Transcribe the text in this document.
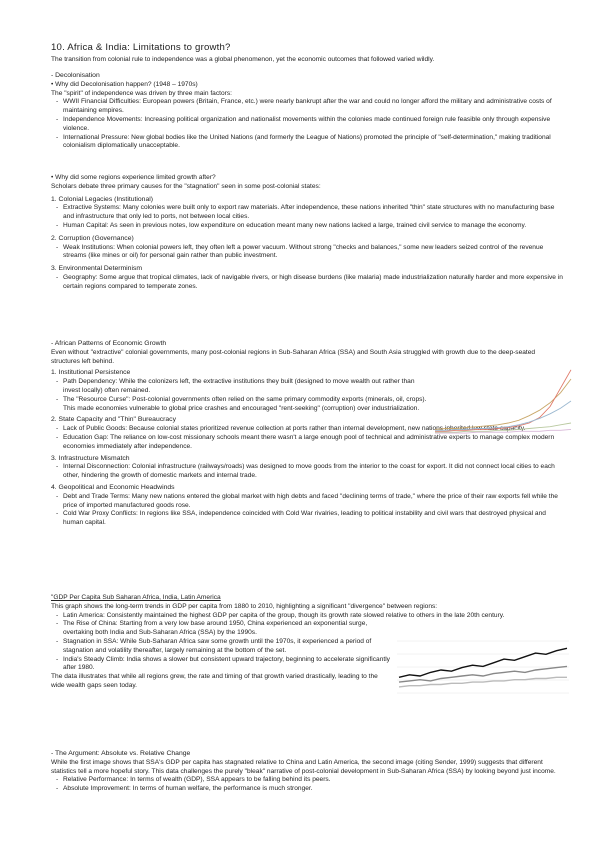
10. Africa & India: Limitations to growth?

The transition from colonial rule to independence was a global phenomenon, yet the economic outcomes that followed varied wildly.

- Decolonisation

• Why did Decolonisation happen? (1948 – 1970s)

The "spirit" of independence was driven by three main factors:

- WWII Financial Difficulties: European powers (Britain, France, etc.) were nearly bankrupt after the war and could no longer afford the military and administrative costs of maintaining empires.
- Independence Movements: Increasing political organization and nationalist movements within the colonies made continued foreign rule feasible only through expensive violence.
- International Pressure: New global bodies like the United Nations (and formerly the League of Nations) promoted the principle of "self-determination," making traditional colonialism diplomatically unacceptable.

• Why did some regions experience limited growth after?

Scholars debate three primary causes for the "stagnation" seen in some post-colonial states:

1. Colonial Legacies (Institutional)

- Extractive Systems: Many colonies were built only to export raw materials. After independence, these nations inherited "thin" state structures with no manufacturing base and infrastructure that only led to ports, not between local cities.
- Human Capital: As seen in previous notes, low expenditure on education meant many new nations lacked a large, trained civil service to manage the economy.

2. Corruption (Governance)

- Weak Institutions: When colonial powers left, they often left a power vacuum. Without strong "checks and balances," some new leaders seized control of the revenue streams (like mines or oil) for personal gain rather than public investment.

3. Environmental Determinism

- Geography: Some argue that tropical climates, lack of navigable rivers, or high disease burdens (like malaria) made industrialization naturally harder and more expensive in certain regions compared to temperate zones.

- African Patterns of Economic Growth

Even without "extractive" colonial governments, many post-colonial regions in Sub-Saharan Africa (SSA) and South Asia struggled with growth due to the deep-seated structures left behind.

1. Institutional Persistence

- Path Dependency: While the colonizers left, the extractive institutions they built (designed to move wealth out rather than invest locally) often remained.
- The "Resource Curse": Post-colonial governments often relied on the same primary commodity exports (minerals, oil, crops). This made economies vulnerable to global price crashes and encouraged "rent-seeking" (corruption) over industrialization.

2. State Capacity and "Thin" Bureaucracy

- Lack of Public Goods: Because colonial states prioritized revenue collection at ports rather than internal development, new nations inherited low state capacity.
- Education Gap: The reliance on low-cost missionary schools meant there wasn't a large enough pool of technical and administrative experts to manage complex modern economies immediately after independence.

3. Infrastructure Mismatch

- Internal Disconnection: Colonial infrastructure (railways/roads) was designed to move goods from the interior to the coast for export. It did not connect local cities to each other, hindering the growth of domestic markets and internal trade.

4. Geopolitical and Economic Headwinds

- Debt and Trade Terms: Many new nations entered the global market with high debts and faced "declining terms of trade," where the price of their raw exports fell while the price of imported manufactured goods rose.
- Cold War Proxy Conflicts: In regions like SSA, independence coincided with Cold War rivalries, leading to political instability and civil wars that destroyed physical and human capital.

"GDP Per Capita Sub Saharan Africa, India, Latin America

This graph shows the long-term trends in GDP per capita from 1880 to 2010, highlighting a significant "divergence" between regions:

- Latin America: Consistently maintained the highest GDP per capita of the group, though its growth rate slowed relative to others in the late 20th century.
- The Rise of China: Starting from a very low base around 1950, China experienced an exponential surge, overtaking both India and Sub-Saharan Africa (SSA) by the 1990s.
- Stagnation in SSA: While Sub-Saharan Africa saw some growth until the 1970s, it experienced a period of stagnation and volatility thereafter, largely remaining at the bottom of the set.
- India's Steady Climb: India shows a slower but consistent upward trajectory, beginning to accelerate significantly after 1980.

The data illustrates that while all regions grew, the rate and timing of that growth varied drastically, leading to the wide wealth gaps seen today.

- The Argument: Absolute vs. Relative Change

While the first image shows that SSA's GDP per capita has stagnated relative to China and Latin America, the second image (citing Sender, 1999) suggests that different statistics tell a more hopeful story. This data challenges the purely "bleak" narrative of post-colonial development in Sub-Saharan Africa (SSA) by looking beyond just income.

- Relative Performance: In terms of wealth (GDP), SSA appears to be falling behind its peers.
- Absolute Improvement: In terms of human welfare, the performance is much stronger.
